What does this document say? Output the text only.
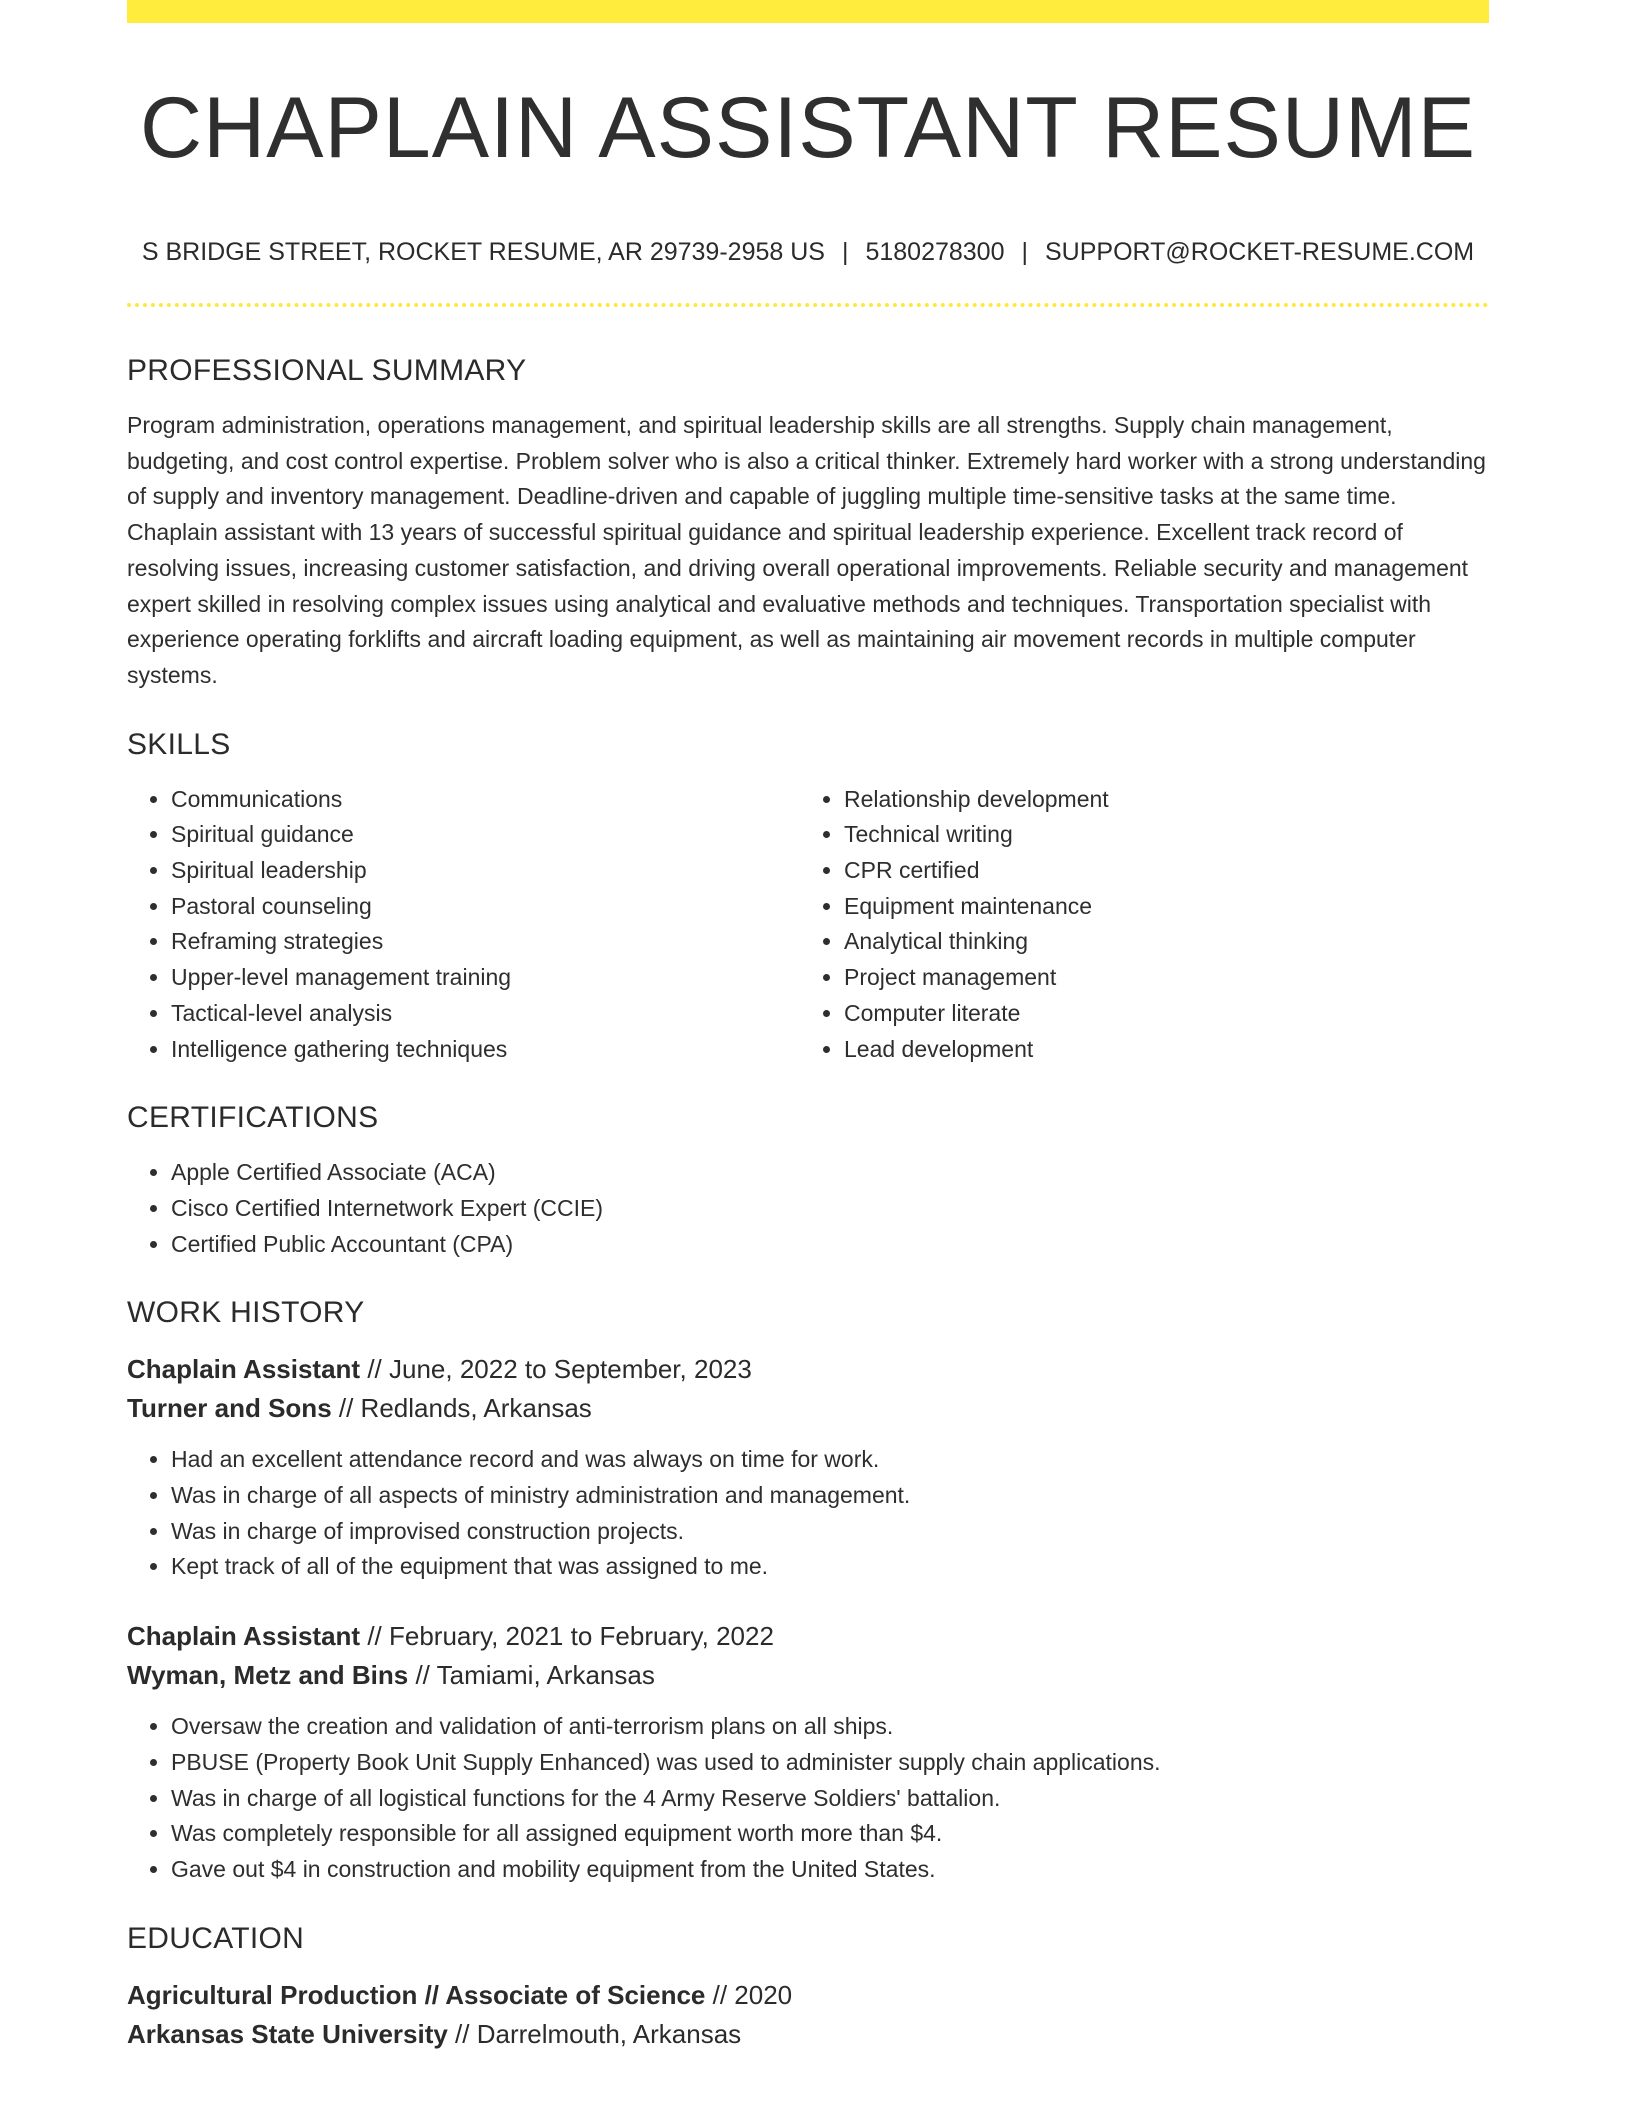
CHAPLAIN ASSISTANT RESUME
S BRIDGE STREET, ROCKET RESUME, AR 29739-2958 US | 5180278300 | SUPPORT@ROCKET-RESUME.COM
PROFESSIONAL SUMMARY

Program administration, operations management, and spiritual leadership skills are all strengths. Supply chain management, budgeting, and cost control expertise. Problem solver who is also a critical thinker. Extremely hard worker with a strong understanding of supply and inventory management. Deadline-driven and capable of juggling multiple time-sensitive tasks at the same time. Chaplain assistant with 13 years of successful spiritual guidance and spiritual leadership experience. Excellent track record of resolving issues, increasing customer satisfaction, and driving overall operational improvements. Reliable security and management expert skilled in resolving complex issues using analytical and evaluative methods and techniques. Transportation specialist with experience operating forklifts and aircraft loading equipment, as well as maintaining air movement records in multiple computer systems.

SKILLS
• Communications
• Spiritual guidance
• Spiritual leadership
• Pastoral counseling
• Reframing strategies
• Upper-level management training
• Tactical-level analysis
• Intelligence gathering techniques
• Relationship development
• Technical writing
• CPR certified
• Equipment maintenance
• Analytical thinking
• Project management
• Computer literate
• Lead development
CERTIFICATIONS
• Apple Certified Associate (ACA)
• Cisco Certified Internetwork Expert (CCIE)
• Certified Public Accountant (CPA)
WORK HISTORY
Chaplain Assistant // June, 2022 to September, 2023
Turner and Sons // Redlands, Arkansas
• Had an excellent attendance record and was always on time for work.
• Was in charge of all aspects of ministry administration and management.
• Was in charge of improvised construction projects.
• Kept track of all of the equipment that was assigned to me.
Chaplain Assistant // February, 2021 to February, 2022
Wyman, Metz and Bins // Tamiami, Arkansas
• Oversaw the creation and validation of anti-terrorism plans on all ships.
• PBUSE (Property Book Unit Supply Enhanced) was used to administer supply chain applications.
• Was in charge of all logistical functions for the 4 Army Reserve Soldiers' battalion.
• Was completely responsible for all assigned equipment worth more than $4.
• Gave out $4 in construction and mobility equipment from the United States.
EDUCATION
Agricultural Production // Associate of Science // 2020
Arkansas State University // Darrelmouth, Arkansas
